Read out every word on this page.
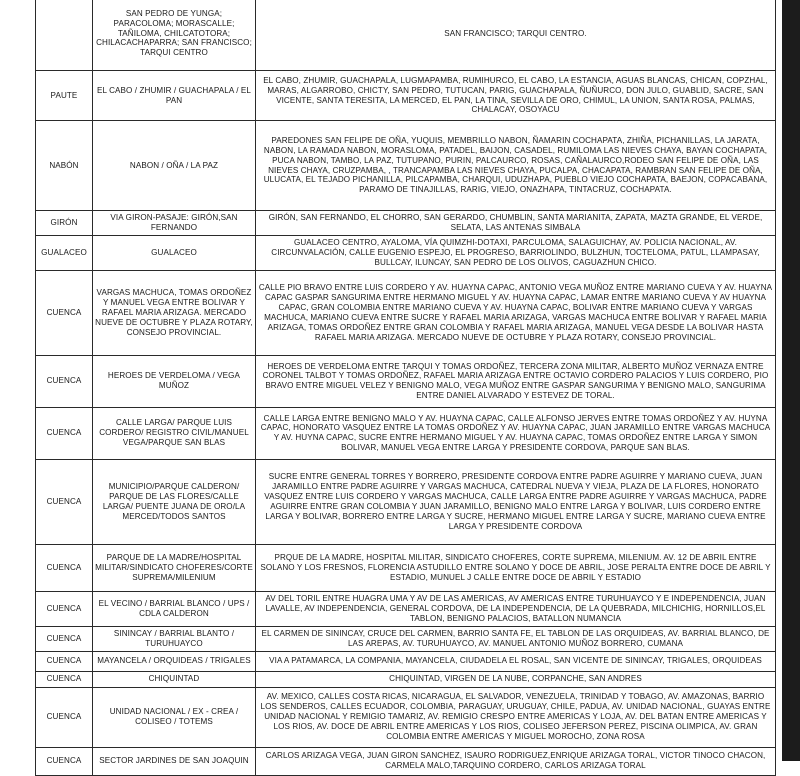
	SAN PEDRO DE YUNGA; PARACOLOMA; MORASCALLE; TAÑILOMA, CHILCATOTORA; CHILACACHAPARRA; SAN FRANCISCO; TARQUI CENTRO	SAN FRANCISCO; TARQUI CENTRO.
PAUTE	EL CABO / ZHUMIR / GUACHAPALA / EL PAN	EL CABO, ZHUMIR, GUACHAPALA, LUGMAPAMBA, RUMIHURCO, EL CABO, LA ESTANCIA, AGUAS BLANCAS, CHICAN, COPZHAL, MARAS, ALGARROBO, CHICTY, SAN PEDRO, TUTUCAN, PARIG, GUACHAPALA, ÑUÑURCO, DON JULO, GUABLID, SACRE, SAN VICENTE, SANTA TERESITA, LA MERCED, EL PAN, LA TINA, SEVILLA DE ORO, CHIMUL, LA UNION, SANTA ROSA, PALMAS, CHALACAY, OSOYACU
NABÓN	NABON / OÑA / LA PAZ	PAREDONES SAN FELIPE DE OÑA, YUQUIS, MEMBRILLO NABON, ÑAMARIN COCHAPATA, ZHIÑA, PICHANILLAS, LA JARATA, NABON, LA RAMADA NABON, MORASLOMA, PATADEL, BAIJON, CASADEL, RUMILOMA LAS NIEVES CHAYA, BAYAN COCHAPATA, PUCA NABON, TAMBO, LA PAZ, TUTUPANO, PURIN, PALCAURCO, ROSAS, CAÑALAURCO,RODEO SAN FELIPE DE OÑA, LAS NIEVES CHAYA, CRUZPAMBA, , TRANCAPAMBA LAS NIEVES CHAYA, PUCALPA, CHACAPATA, RAMBRAN SAN FELIPE DE OÑA, ULUCATA, EL TEJADO PICHANILLA, PILCAPAMBA, CHARQUI, UDUZHAPA, PUEBLO VIEJO COCHAPATA, BAEJON, COPACABANA, PARAMO DE TINAJILLAS, RARIG, VIEJO, ONAZHAPA, TINTACRUZ, COCHAPATA.
GIRÓN	VIA GIRON-PASAJE: GIRÓN,SAN FERNANDO	GIRÓN, SAN FERNANDO, EL CHORRO, SAN GERARDO, CHUMBLIN, SANTA MARIANITA, ZAPATA, MAZTA GRANDE, EL VERDE, SELATA, LAS ANTENAS SIMBALA
GUALACEO	GUALACEO	GUALACEO CENTRO, AYALOMA, VÍA QUIMZHI-DOTAXI, PARCULOMA, SALAGUICHAY, AV. POLICIA NACIONAL, AV. CIRCUNVALACIÓN, CALLE EUGENIO ESPEJO, EL PROGRESO, BARRIOLINDO, BULZHUN, TOCTELOMA, PATUL, LLAMPASAY, BULLCAY, ILUNCAY, SAN PEDRO DE LOS OLIVOS, CAGUAZHUN CHICO.
CUENCA	VARGAS MACHUCA, TOMAS ORDOÑEZ Y MANUEL VEGA ENTRE BOLIVAR Y RAFAEL MARIA ARIZAGA. MERCADO NUEVE DE OCTUBRE Y PLAZA ROTARY, CONSEJO PROVINCIAL.	CALLE PIO BRAVO ENTRE LUIS CORDERO Y AV. HUAYNA CAPAC, ANTONIO VEGA MUÑOZ ENTRE MARIANO CUEVA Y AV. HUAYNA CAPAC GASPAR SANGURIMA ENTRE HERMANO MIGUEL Y AV. HUAYNA CAPAC, LAMAR ENTRE MARIANO CUEVA Y AV HUAYNA CAPAC, GRAN COLOMBIA ENTRE MARIANO CUEVA Y AV. HUAYNA CAPAC, BOLIVAR ENTRE MARIANO CUEVA Y VARGAS MACHUCA, MARIANO CUEVA ENTRE SUCRE Y RAFAEL MARIA ARIZAGA, VARGAS MACHUCA ENTRE BOLIVAR Y RAFAEL MARIA ARIZAGA, TOMAS ORDOÑEZ ENTRE GRAN COLOMBIA Y RAFAEL MARIA ARIZAGA, MANUEL VEGA DESDE LA BOLIVAR HASTA RAFAEL MARIA ARIZAGA. MERCADO NUEVE DE OCTUBRE Y PLAZA ROTARY, CONSEJO PROVINCIAL.
CUENCA	HEROES DE VERDELOMA / VEGA MUÑOZ	HEROES DE VERDELOMA ENTRE TARQUI Y TOMAS ORDOÑEZ, TERCERA ZONA MILITAR, ALBERTO MUÑOZ VERNAZA ENTRE CORONEL TALBOT Y TOMAS ORDOÑEZ, RAFAEL MARIA ARIZAGA ENTRE OCTAVIO CORDERO PALACIOS Y LUIS CORDERO, PIO BRAVO ENTRE MIGUEL VELEZ Y BENIGNO MALO, VEGA MUÑOZ ENTRE GASPAR SANGURIMA Y BENIGNO MALO, SANGURIMA ENTRE DANIEL ALVARADO Y ESTEVEZ DE TORAL.
CUENCA	CALLE LARGA/ PARQUE LUIS CORDERO/ REGISTRO CIVIL/MANUEL VEGA/PARQUE SAN BLAS	CALLE LARGA ENTRE BENIGNO MALO Y AV. HUAYNA CAPAC, CALLE ALFONSO JERVES ENTRE TOMAS ORDOÑEZ Y AV. HUYNA CAPAC, HONORATO VASQUEZ ENTRE LA TOMAS ORDOÑEZ Y AV. HUAYNA CAPAC, JUAN JARAMILLO ENTRE VARGAS MACHUCA Y AV. HUYNA CAPAC, SUCRE ENTRE HERMANO MIGUEL Y AV. HUAYNA CAPAC, TOMAS ORDOÑEZ ENTRE LARGA Y SIMON BOLIVAR, MANUEL VEGA ENTRE LARGA Y PRESIDENTE CORDOVA, PARQUE SAN BLAS.
CUENCA	MUNICIPIO/PARQUE CALDERON/ PARQUE DE LAS FLORES/CALLE LARGA/ PUENTE JUANA DE ORO/LA MERCED/TODOS SANTOS	SUCRE ENTRE GENERAL TORRES Y BORRERO, PRESIDENTE CORDOVA ENTRE PADRE AGUIRRE Y MARIANO CUEVA, JUAN JARAMILLO ENTRE PADRE AGUIRRE Y VARGAS MACHUCA, CATEDRAL NUEVA Y VIEJA, PLAZA DE LA FLORES, HONORATO VASQUEZ ENTRE LUIS CORDERO Y VARGAS MACHUCA, CALLE LARGA ENTRE PADRE AGUIRRE Y VARGAS MACHUCA, PADRE AGUIRRE ENTRE GRAN COLOMBIA Y JUAN JARAMILLO, BENIGNO MALO ENTRE LARGA Y BOLIVAR, LUIS CORDERO ENTRE LARGA Y BOLIVAR, BORRERO ENTRE LARGA Y SUCRE, HERMANO MIGUEL ENTRE LARGA Y SUCRE, MARIANO CUEVA ENTRE LARGA Y PRESIDENTE CORDOVA
CUENCA	PARQUE DE LA MADRE/HOSPITAL MILITAR/SINDICATO CHOFERES/CORTE SUPREMA/MILENIUM	PRQUE DE LA MADRE, HOSPITAL MILITAR, SINDICATO CHOFERES, CORTE SUPREMA, MILENIUM. AV. 12 DE ABRIL ENTRE SOLANO Y LOS FRESNOS, FLORENCIA ASTUDILLO ENTRE SOLANO Y DOCE DE ABRIL, JOSE PERALTA ENTRE DOCE DE ABRIL Y ESTADIO, MUNUEL J CALLE ENTRE DOCE DE ABRIL Y ESTADIO
CUENCA	EL VECINO / BARRIAL BLANCO / UPS / CDLA CALDERON	AV DEL TORIL ENTRE HUAGRA UMA Y AV DE LAS AMERICAS, AV AMERICAS ENTRE TURUHUAYCO Y E INDEPENDENCIA, JUAN LAVALLE, AV INDEPENDENCIA, GENERAL CORDOVA, DE LA INDEPENDENCIA, DE LA QUEBRADA, MILCHICHIG, HORNILLOS,EL TABLON, BENIGNO PALACIOS, BATALLON NUMANCIA
CUENCA	SININCAY / BARRIAL BLANTO / TURUHUAYCO	EL CARMEN DE SININCAY, CRUCE DEL CARMEN, BARRIO SANTA FE, EL TABLON DE LAS ORQUIDEAS, AV. BARRIAL BLANCO, DE LAS AREPAS, AV. TURUHUAYCO, AV. MANUEL ANTONIO MUÑOZ BORRERO, CUMANA
CUENCA	MAYANCELA / ORQUIDEAS / TRIGALES	VIA A PATAMARCA, LA COMPANIA, MAYANCELA, CIUDADELA EL ROSAL, SAN VICENTE DE SININCAY, TRIGALES, ORQUIDEAS
CUENCA	CHIQUINTAD	CHIQUINTAD, VIRGEN DE LA NUBE, CORPANCHE, SAN ANDRES
CUENCA	UNIDAD NACIONAL / EX - CREA / COLISEO / TOTEMS	AV. MEXICO, CALLES COSTA RICAS, NICARAGUA, EL SALVADOR, VENEZUELA, TRINIDAD Y TOBAGO, AV. AMAZONAS, BARRIO LOS SENDEROS, CALLES ECUADOR, COLOMBIA, PARAGUAY, URUGUAY, CHILE, PADUA, AV. UNIDAD NACIONAL, GUAYAS ENTRE UNIDAD NACIONAL Y REMIGIO TAMARIZ, AV. REMIGIO CRESPO ENTRE AMERICAS Y LOJA, AV. DEL BATAN ENTRE AMERICAS Y LOS RIOS, AV. DOCE DE ABRIL ENTRE AMERICAS Y LOS RIOS, COLISEO JEFERSON PEREZ, PISCINA OLIMPICA, AV. GRAN COLOMBIA ENTRE AMERICAS Y MIGUEL MOROCHO, ZONA ROSA
CUENCA	SECTOR JARDINES DE SAN JOAQUIN	CARLOS ARIZAGA VEGA, JUAN GIRON SANCHEZ, ISAURO RODRIGUEZ,ENRIQUE ARIZAGA TORAL, VICTOR TINOCO CHACON, CARMELA MALO,TARQUINO CORDERO, CARLOS ARIZAGA TORAL
